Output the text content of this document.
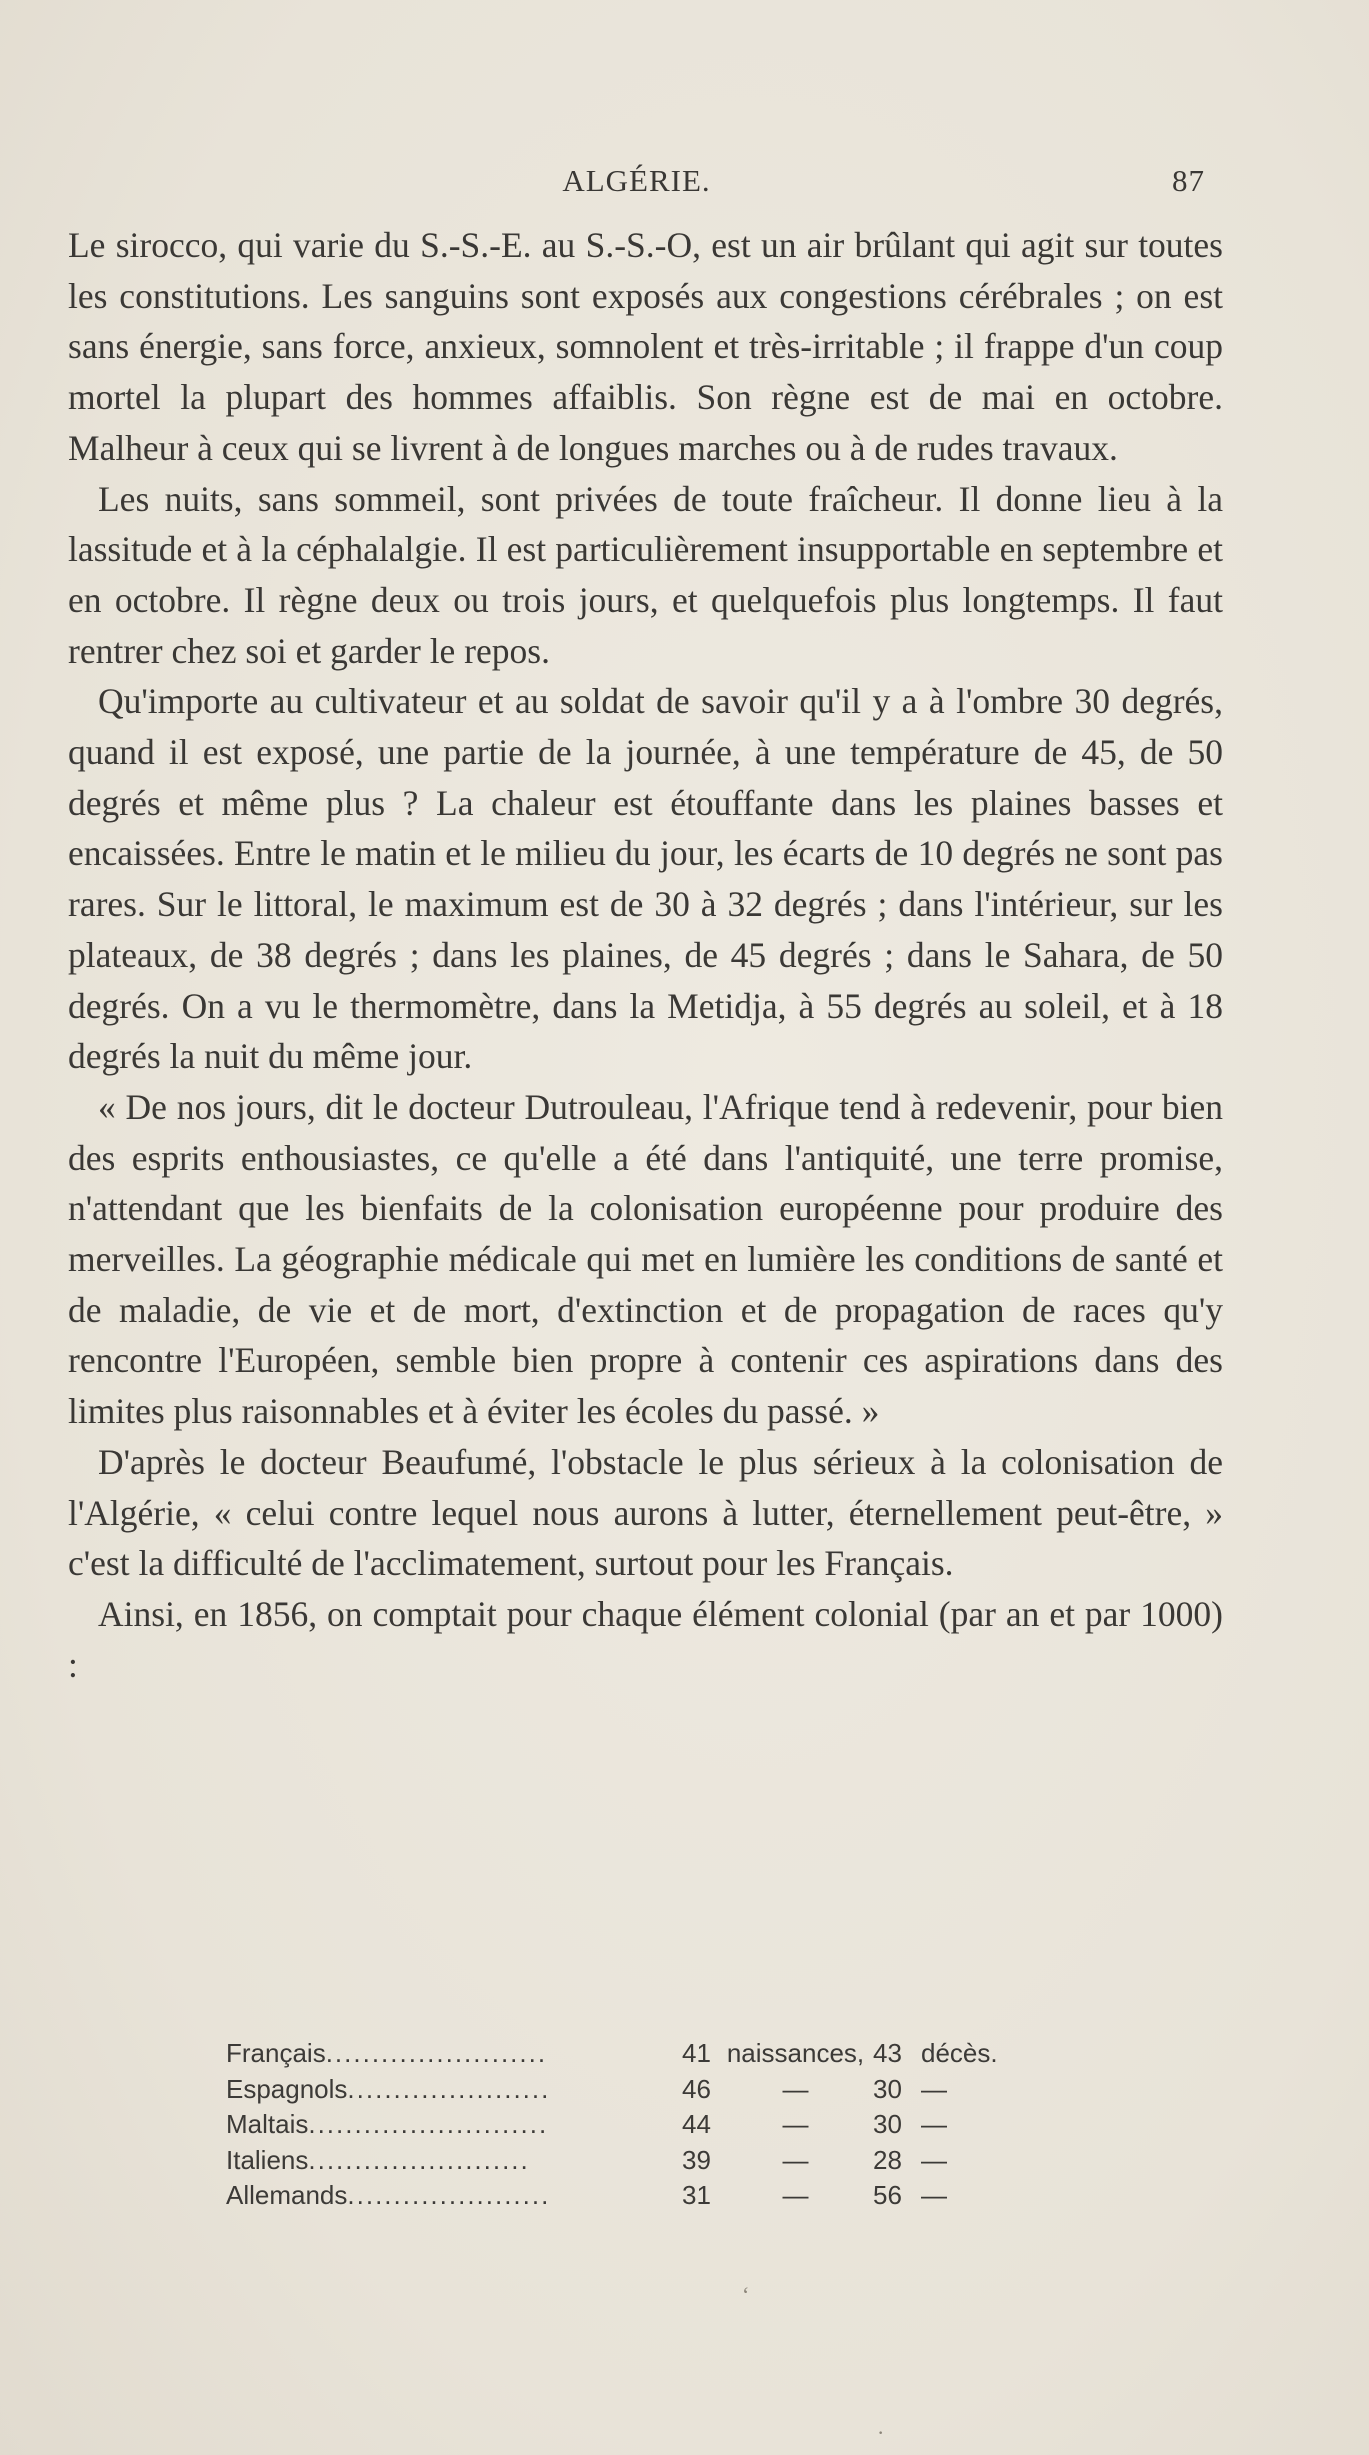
ALGÉRIE.	87

Le sirocco, qui varie du S.-S.-E. au S.-S.-O, est un air brûlant qui agit sur toutes les constitutions. Les sanguins sont exposés aux congestions cérébrales ; on est sans énergie, sans force, anxieux, somnolent et très-irritable ; il frappe d'un coup mortel la plupart des hommes affaiblis. Son règne est de mai en octobre. Malheur à ceux qui se livrent à de longues marches ou à de rudes travaux.

Les nuits, sans sommeil, sont privées de toute fraîcheur. Il donne lieu à la lassitude et à la céphalalgie. Il est particulièrement insupportable en septembre et en octobre. Il règne deux ou trois jours, et quelquefois plus longtemps. Il faut rentrer chez soi et garder le repos.

Qu'importe au cultivateur et au soldat de savoir qu'il y a à l'ombre 30 degrés, quand il est exposé, une partie de la journée, à une température de 45, de 50 degrés et même plus ? La chaleur est étouffante dans les plaines basses et encaissées. Entre le matin et le milieu du jour, les écarts de 10 degrés ne sont pas rares. Sur le littoral, le maximum est de 30 à 32 degrés ; dans l'intérieur, sur les plateaux, de 38 degrés ; dans les plaines, de 45 degrés ; dans le Sahara, de 50 degrés. On a vu le thermomètre, dans la Metidja, à 55 degrés au soleil, et à 18 degrés la nuit du même jour.

« De nos jours, dit le docteur Dutrouleau, l'Afrique tend à redevenir, pour bien des esprits enthousiastes, ce qu'elle a été dans l'antiquité, une terre promise, n'attendant que les bienfaits de la colonisation européenne pour produire des merveilles. La géographie médicale qui met en lumière les conditions de santé et de maladie, de vie et de mort, d'extinction et de propagation de races qu'y rencontre l'Européen, semble bien propre à contenir ces aspirations dans des limites plus raisonnables et à éviter les écoles du passé. »

D'après le docteur Beaufumé, l'obstacle le plus sérieux à la colonisation de l'Algérie, « celui contre lequel nous aurons à lutter, éternellement peut-être, » c'est la difficulté de l'acclimatement, surtout pour les Français.

Ainsi, en 1856, on comptait pour chaque élément colonial (par an et par 1000) :

Français........................	41 naissances, 43 décès.
Espagnols......................	46	—	30 —
Maltais..........................	44	—	30 —
Italiens........................	39	—	28 —
Allemands......................	31	—	56 —
ʻ
·
